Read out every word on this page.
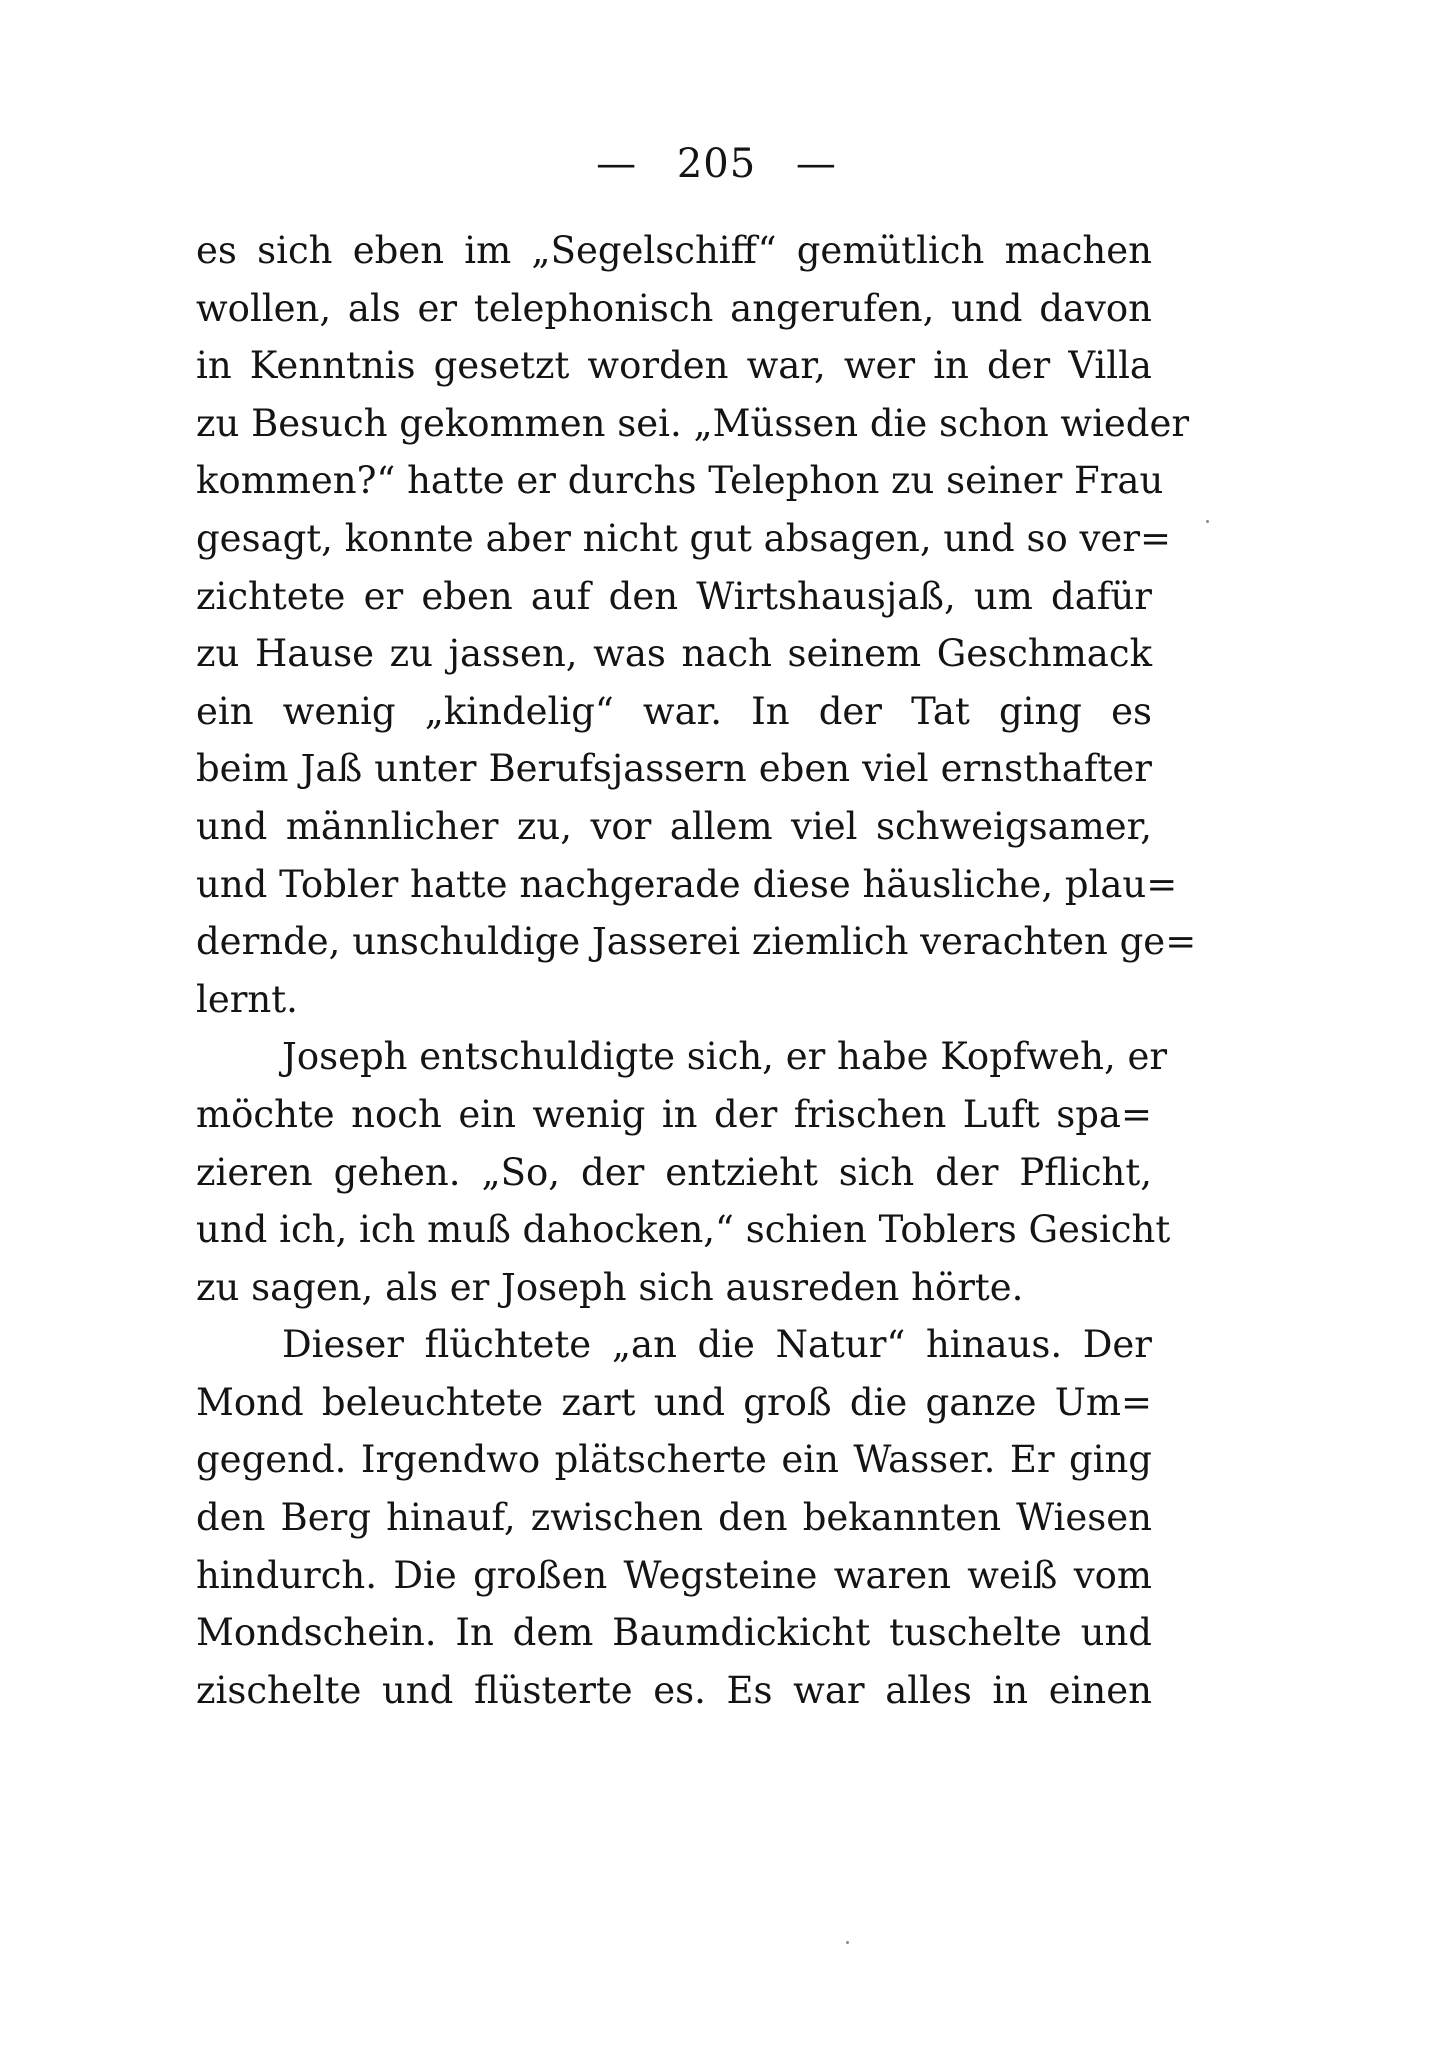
— 205 —
es sich eben im „Segelschiff“ gemütlich machen
wollen, als er telephonisch angerufen, und davon
in Kenntnis gesetzt worden war, wer in der Villa
zu Besuch gekommen sei. „Müssen die schon wieder
kommen?“ hatte er durchs Telephon zu seiner Frau
gesagt, konnte aber nicht gut absagen, und so ver=
zichtete er eben auf den Wirtshausjaß, um dafür
zu Hause zu jassen, was nach seinem Geschmack
ein wenig „kindelig“ war. In der Tat ging es
beim Jaß unter Berufsjassern eben viel ernsthafter
und männlicher zu, vor allem viel schweigsamer,
und Tobler hatte nachgerade diese häusliche, plau=
dernde, unschuldige Jasserei ziemlich verachten ge=
lernt.
Joseph entschuldigte sich, er habe Kopfweh, er
möchte noch ein wenig in der frischen Luft spa=
zieren gehen. „So, der entzieht sich der Pflicht,
und ich, ich muß dahocken,“ schien Toblers Gesicht
zu sagen, als er Joseph sich ausreden hörte.
Dieser flüchtete „an die Natur“ hinaus. Der
Mond beleuchtete zart und groß die ganze Um=
gegend. Irgendwo plätscherte ein Wasser. Er ging
den Berg hinauf, zwischen den bekannten Wiesen
hindurch. Die großen Wegsteine waren weiß vom
Mondschein. In dem Baumdickicht tuschelte und
zischelte und flüsterte es. Es war alles in einen
